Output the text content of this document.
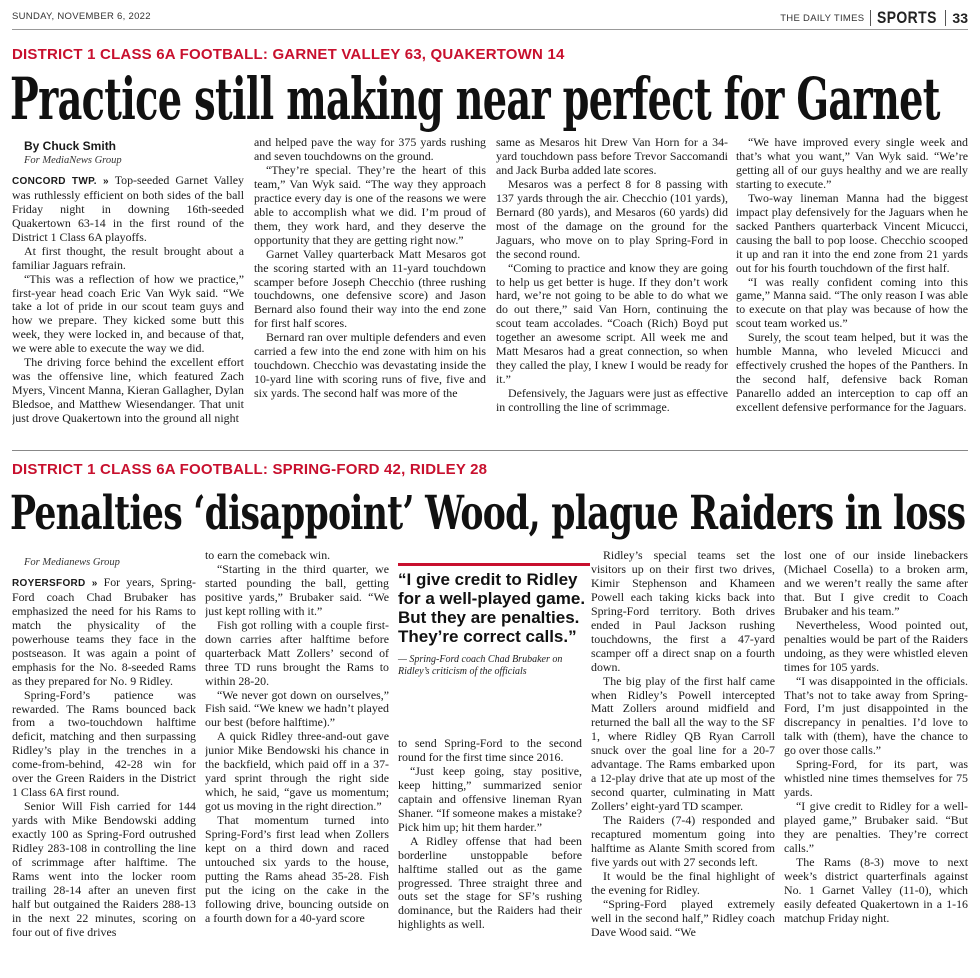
SUNDAY, NOVEMBER 6, 2022	THE DAILY TIMES SPORTS 33
DISTRICT 1 CLASS 6A FOOTBALL: GARNET VALLEY 63, QUAKERTOWN 14
Practice still making near perfect for Garnet

By Chuck Smith

For MediaNews Group

CONCORD TWP. » Top-seeded Garnet Valley was ruthlessly efficient on both sides of the ball Friday night in downing 16th-seeded Quakertown 63-14 in the first round of the District 1 Class 6A playoffs.

At first thought, the result brought about a familiar Jaguars refrain.

“This was a reflection of how we practice,” first-year head coach Eric Van Wyk said. “We take a lot of pride in our scout team guys and how we prepare. They kicked some butt this week, they were locked in, and because of that, we were able to execute the way we did.

The driving force behind the excellent effort was the offensive line, which featured Zach Myers, Vincent Manna, Kieran Gallagher, Dylan Bledsoe, and Matthew Wiesendanger. That unit just drove Quakertown into the ground all night

and helped pave the way for 375 yards rushing and seven touchdowns on the ground.

“They’re special. They’re the heart of this team,” Van Wyk said. “The way they approach practice every day is one of the reasons we were able to accomplish what we did. I’m proud of them, they work hard, and they deserve the opportunity that they are getting right now.”

Garnet Valley quarterback Matt Mesaros got the scoring started with an 11-yard touchdown scamper before Joseph Checchio (three rushing touchdowns, one defensive score) and Jason Bernard also found their way into the end zone for first half scores.

Bernard ran over multiple defenders and even carried a few into the end zone with him on his touchdown. Checchio was devastating inside the 10-yard line with scoring runs of five, five and six yards. The second half was more of the

same as Mesaros hit Drew Van Horn for a 34-yard touchdown pass before Trevor Saccomandi and Jack Burba added late scores.

Mesaros was a perfect 8 for 8 passing with 137 yards through the air. Checchio (101 yards), Bernard (80 yards), and Mesaros (60 yards) did most of the damage on the ground for the Jaguars, who move on to play Spring-Ford in the second round.

“Coming to practice and know they are going to help us get better is huge. If they don’t work hard, we’re not going to be able to do what we do out there,” said Van Horn, continuing the scout team accolades. “Coach (Rich) Boyd put together an awesome script. All week me and Matt Mesaros had a great connection, so when they called the play, I knew I would be ready for it.”

Defensively, the Jaguars were just as effective in controlling the line of scrimmage.

“We have improved every single week and that’s what you want,” Van Wyk said. “We’re getting all of our guys healthy and we are really starting to execute.”

Two-way lineman Manna had the biggest impact play defensively for the Jaguars when he sacked Panthers quarterback Vincent Micucci, causing the ball to pop loose. Checchio scooped it up and ran it into the end zone from 21 yards out for his fourth touchdown of the first half.

“I was really confident coming into this game,” Manna said. “The only reason I was able to execute on that play was because of how the scout team worked us.”

Surely, the scout team helped, but it was the humble Manna, who leveled Micucci and effectively crushed the hopes of the Panthers. In the second half, defensive back Roman Panarello added an interception to cap off an excellent defensive performance for the Jaguars.

DISTRICT 1 CLASS 6A FOOTBALL: SPRING-FORD 42, RIDLEY 28
Penalties ‘disappoint’ Wood, plague Raiders in loss

For Medianews Group

ROYERSFORD » For years, Spring-Ford coach Chad Brubaker has emphasized the need for his Rams to match the physicality of the powerhouse teams they face in the postseason. It was again a point of emphasis for the No. 8-seeded Rams as they prepared for No. 9 Ridley.

Spring-Ford’s patience was rewarded. The Rams bounced back from a two-touchdown halftime deficit, matching and then surpassing Ridley’s play in the trenches in a come-from-behind, 42-28 win for over the Green Raiders in the District 1 Class 6A first round.

Senior Will Fish carried for 144 yards with Mike Bendowski adding exactly 100 as Spring-Ford outrushed Ridley 283-108 in controlling the line of scrimmage after halftime. The Rams went into the locker room trailing 28-14 after an uneven first half but outgained the Raiders 288-13 in the next 22 minutes, scoring on four out of five drives

to earn the comeback win.

“Starting in the third quarter, we started pounding the ball, getting positive yards,” Brubaker said. “We just kept rolling with it.”

Fish got rolling with a couple first-down carries after halftime before quarterback Matt Zollers’ second of three TD runs brought the Rams to within 28-20.

“We never got down on ourselves,” Fish said. “We knew we hadn’t played our best (before halftime).”

A quick Ridley three-and-out gave junior Mike Bendowski his chance in the backfield, which paid off in a 37-yard sprint through the right side which, he said, “gave us momentum; got us moving in the right direction.”

That momentum turned into Spring-Ford’s first lead when Zollers kept on a third down and raced untouched six yards to the house, putting the Rams ahead 35-28. Fish put the icing on the cake in the following drive, bouncing outside on a fourth down for a 40-yard score

“I give credit to Ridley for a well-played game. But they are penalties. They’re correct calls.”
— Spring-Ford coach Chad Brubaker on Ridley’s criticism of the officials

to send Spring-Ford to the second round for the first time since 2016.

“Just keep going, stay positive, keep hitting,” summarized senior captain and offensive lineman Ryan Shaner. “If someone makes a mistake? Pick him up; hit them harder.”

A Ridley offense that had been borderline unstoppable before halftime stalled out as the game progressed. Three straight three and outs set the stage for SF’s rushing dominance, but the Raiders had their highlights as well.

Ridley’s special teams set the visitors up on their first two drives, Kimir Stephenson and Khameen Powell each taking kicks back into Spring-Ford territory. Both drives ended in Paul Jackson rushing touchdowns, the first a 47-yard scamper off a direct snap on a fourth down.

The big play of the first half came when Ridley’s Powell intercepted Matt Zollers around midfield and returned the ball all the way to the SF 1, where Ridley QB Ryan Carroll snuck over the goal line for a 20-7 advantage. The Rams embarked upon a 12-play drive that ate up most of the second quarter, culminating in Matt Zollers’ eight-yard TD scamper.

The Raiders (7-4) responded and recaptured momentum going into halftime as Alante Smith scored from five yards out with 27 seconds left.

It would be the final highlight of the evening for Ridley.

“Spring-Ford played extremely well in the second half,” Ridley coach Dave Wood said. “We

lost one of our inside linebackers (Michael Cosella) to a broken arm, and we weren’t really the same after that. But I give credit to Coach Brubaker and his team.”

Nevertheless, Wood pointed out, penalties would be part of the Raiders undoing, as they were whistled eleven times for 105 yards.

“I was disappointed in the officials. That’s not to take away from Spring-Ford, I’m just disappointed in the discrepancy in penalties. I’d love to talk with (them), have the chance to go over those calls.”

Spring-Ford, for its part, was whistled nine times themselves for 75 yards.

“I give credit to Ridley for a well-played game,” Brubaker said. “But they are penalties. They’re correct calls.”

The Rams (8-3) move to next week’s district quarterfinals against No. 1 Garnet Valley (11-0), which easily defeated Quakertown in a 1-16 matchup Friday night.
